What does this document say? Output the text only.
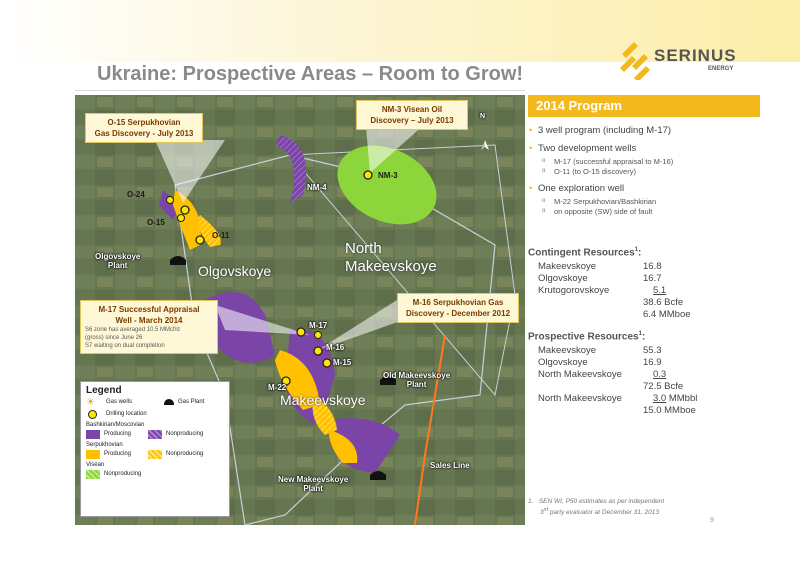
SERINUS
ENERGY
Ukraine: Prospective Areas – Room to Grow!
O-15 Serpukhovian
Gas Discovery - July 2013
NM-3 Visean Oil
Discovery – July 2013
M-17 Successful Appraisal
Well - March 2014
S6 zone has averaged 10.5 MMcf/d
(gross) since June 26
S7 waiting on dual completion
M-16 Serpukhovian Gas
Discovery - December 2012
O-24
O-15
O-11
NM-4
NM-3
M-17
M-16
M-15
M-22
North
Makeevskoye
Olgovskoye
Makeevskoye
Olgovskoye
Plant
Old Makeevskoye
Plant
New Makeevskoye
Plant
Sales Line
N
Legend
☀	Gas wells	Gas Plant
Drilling location
Bashkirian/Moscovian
Producing	Nonproducing
Serpukhovian
Producing	Nonproducing
Visean
Nonproducing
2014 Program
• 3 well program (including M-17)
• Two development wells
o M-17 (successful appraisal to M-16)
o O-11 (to O-15 discovery)
• One exploration well
o M-22 Serpukhovian/Bashkirian
o on opposite (SW) side of fault
Contingent Resources$^1$:
Makeevskoye	16.8
Olgovskoye	16.7
Krutogorovskoye	5.1
38.6 Bcfe
6.4 MMboe
Prospective Resources$^1$:
Makeevskoye	55.3
Olgovskoye	16.9
North Makeevskoye	0.3
72.5 Bcfe
North Makeevskoye	3.0 MMbbl
15.0 MMboe
1. SEN WI, P50 estimates as per independent
3rd party evaluator at December 31, 2013
9
